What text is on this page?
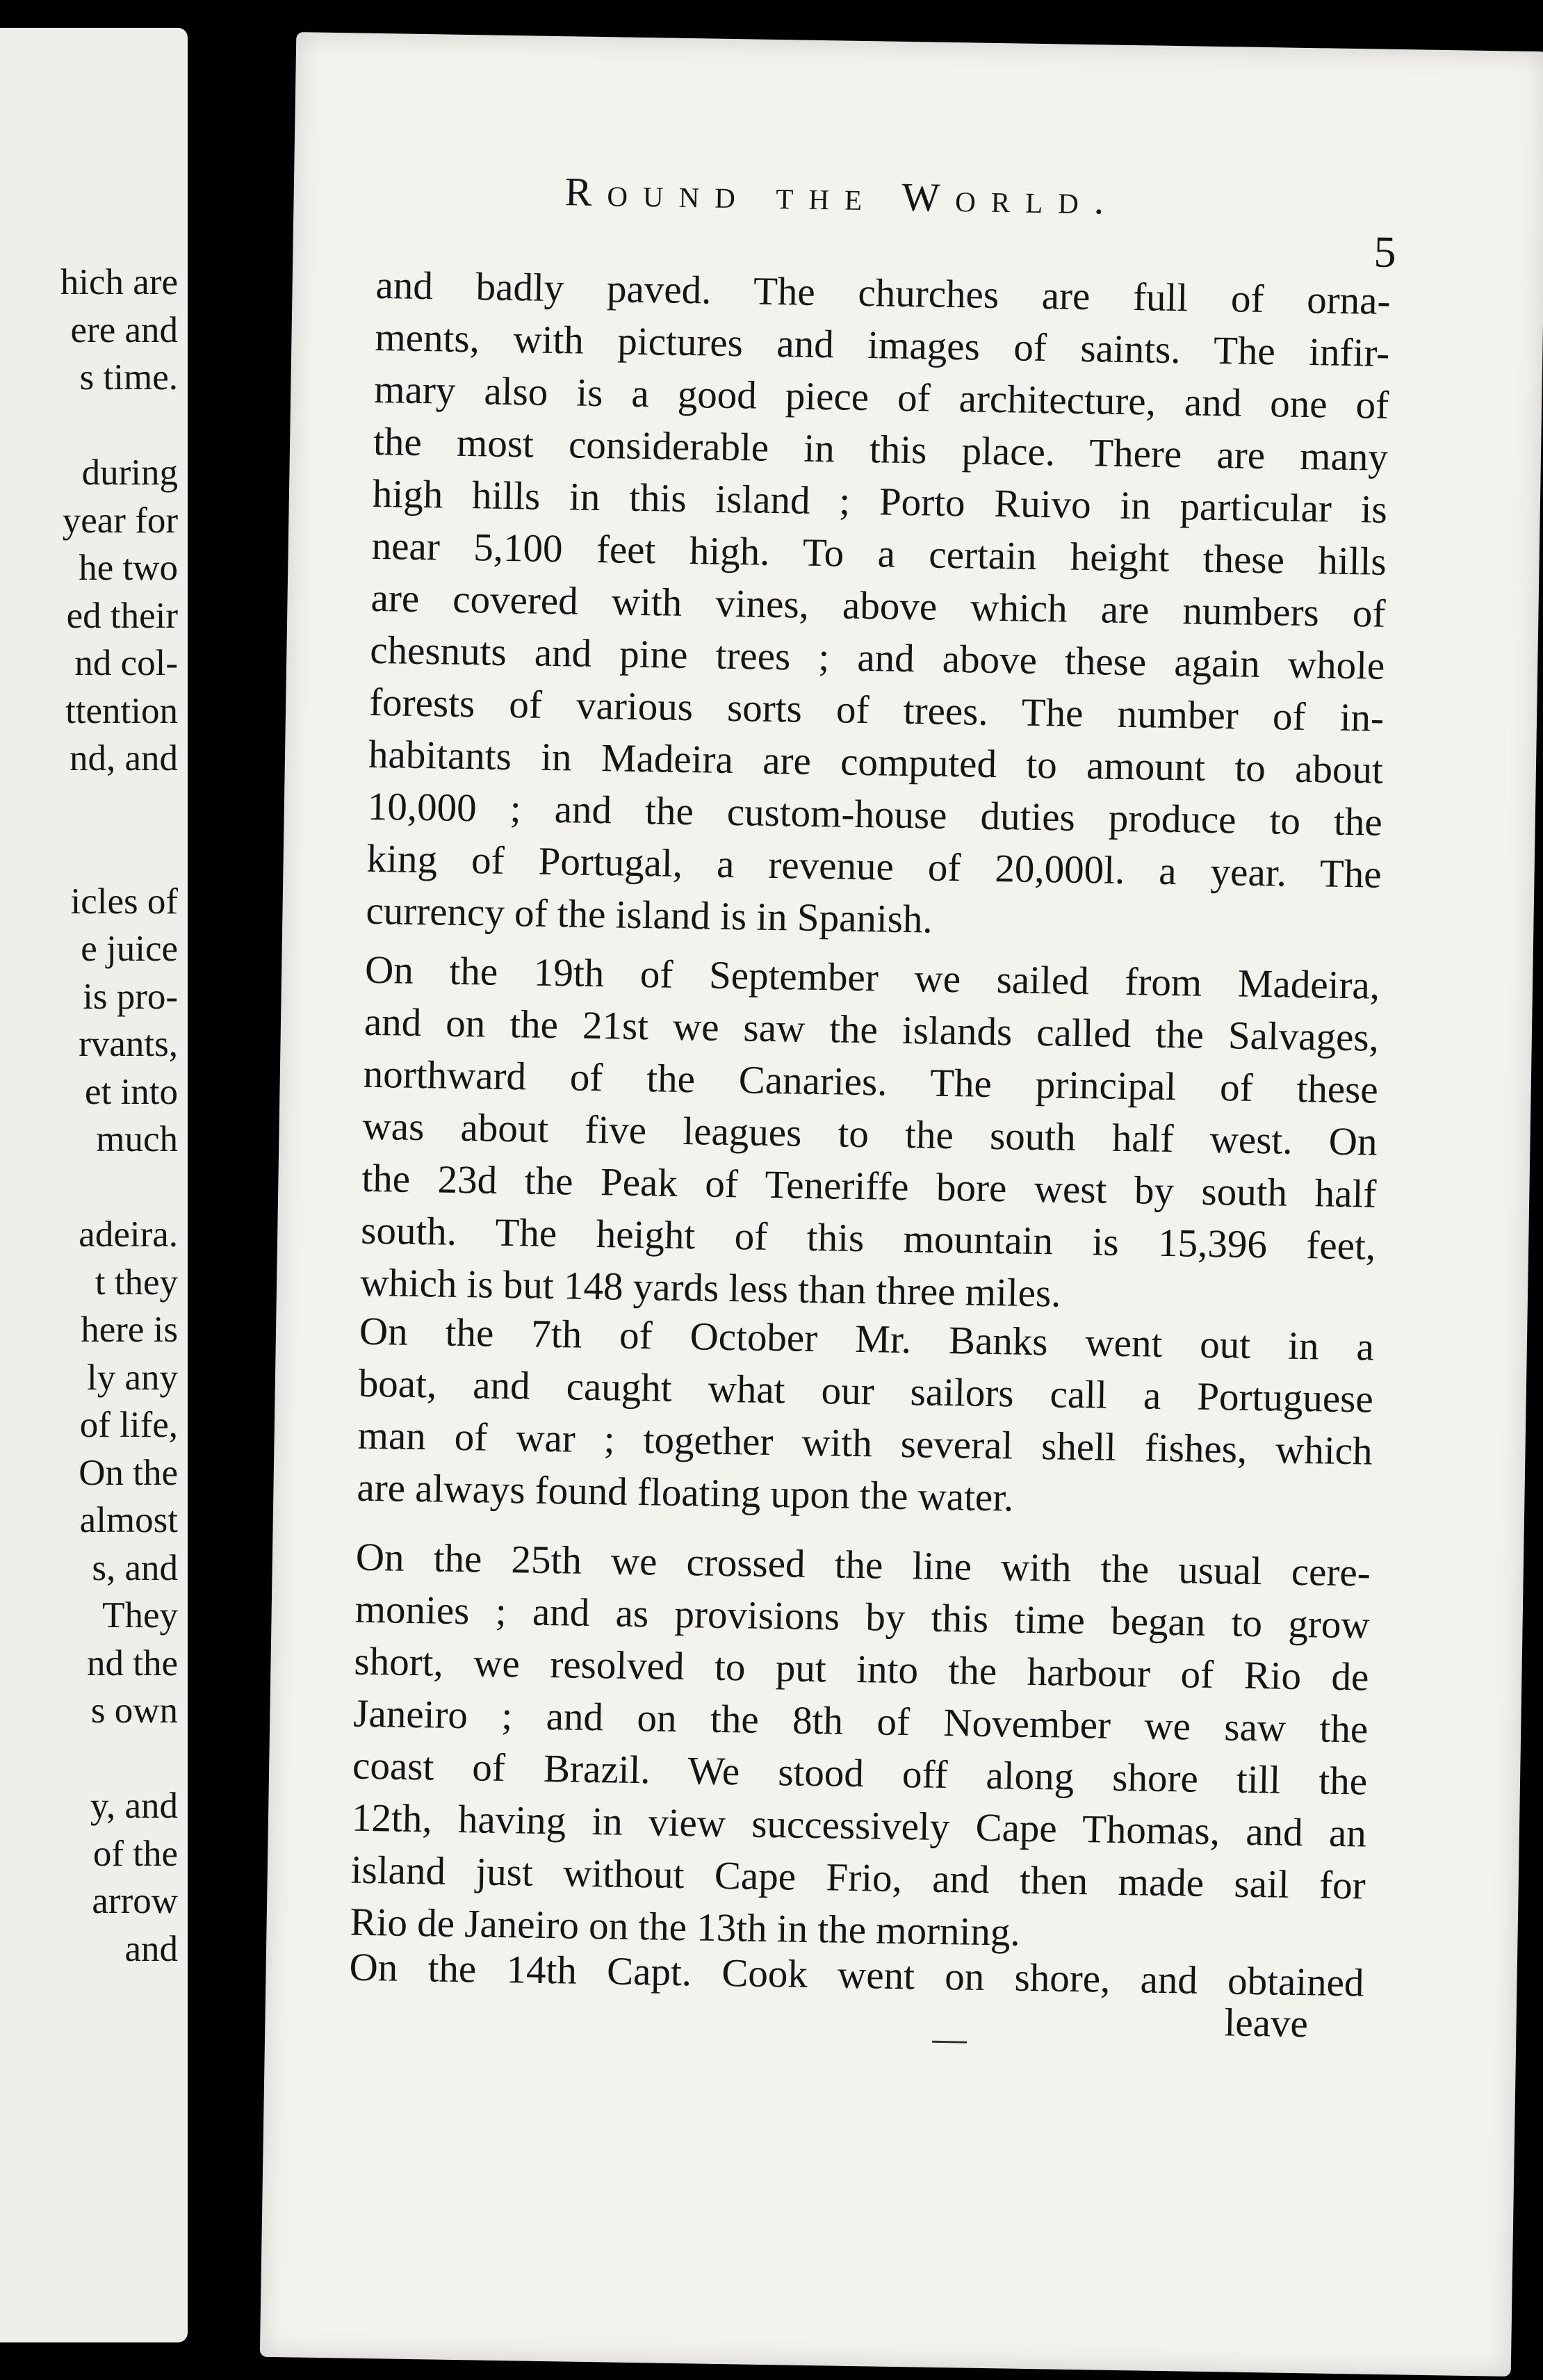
hich are
ere and
s time.
during
year for
he two
ed their
nd col-
ttention
nd, and
icles of
e juice
is pro-
rvants,
et into
much
adeira.
t they
here is
ly any
of life,
On the
almost
s, and
They
nd the
s own
y, and
of the
arrow
and
Round the World.
5
and badly paved. The churches are full of orna-
ments, with pictures and images of saints. The infir-
mary also is a good piece of architecture, and one of
the most considerable in this place. There are many
high hills in this island ; Porto Ruivo in particular is
near 5,100 feet high. To a certain height these hills
are covered with vines, above which are numbers of
chesnuts and pine trees ; and above these again whole
forests of various sorts of trees. The number of in-
habitants in Madeira are computed to amount to about
10,000 ; and the custom-house duties produce to the
king of Portugal, a revenue of 20,000l. a year. The
currency of the island is in Spanish.
On the 19th of September we sailed from Madeira,
and on the 21st we saw the islands called the Salvages,
northward of the Canaries. The principal of these
was about five leagues to the south half west. On
the 23d the Peak of Teneriffe bore west by south half
south. The height of this mountain is 15,396 feet,
which is but 148 yards less than three miles.
On the 7th of October Mr. Banks went out in a
boat, and caught what our sailors call a Portuguese
man of war ; together with several shell fishes, which
are always found floating upon the water.
On the 25th we crossed the line with the usual cere-
monies ; and as provisions by this time began to grow
short, we resolved to put into the harbour of Rio de
Janeiro ; and on the 8th of November we saw the
coast of Brazil. We stood off along shore till the
12th, having in view successively Cape Thomas, and an
island just without Cape Frio, and then made sail for
Rio de Janeiro on the 13th in the morning.
On the 14th Capt. Cook went on shore, and obtained
leave
